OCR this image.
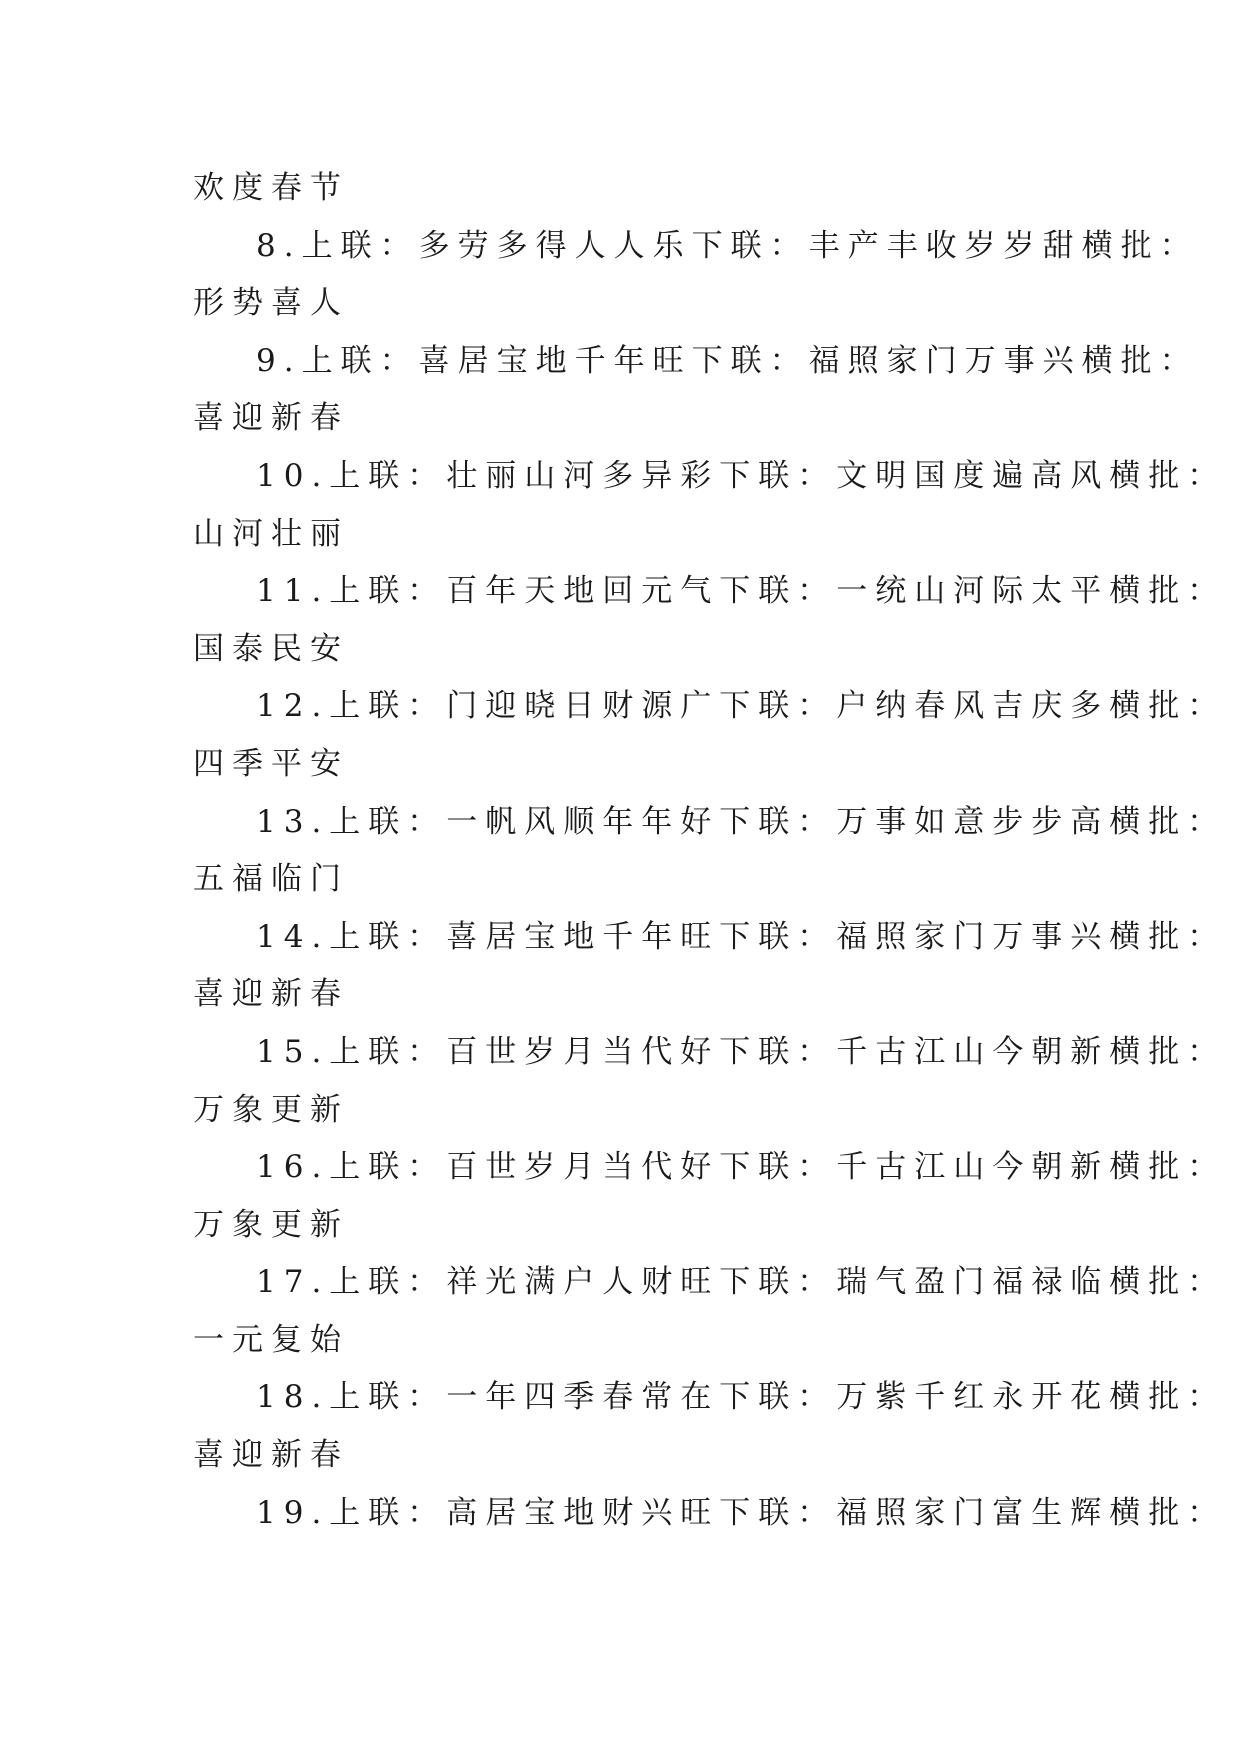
欢度春节
8.上联：多劳多得人人乐下联：丰产丰收岁岁甜横批：
形势喜人
9.上联：喜居宝地千年旺下联：福照家门万事兴横批：
喜迎新春
10.上联：壮丽山河多异彩下联：文明国度遍高风横批：
山河壮丽
11.上联：百年天地回元气下联：一统山河际太平横批：
国泰民安
12.上联：门迎晓日财源广下联：户纳春风吉庆多横批：
四季平安
13.上联：一帆风顺年年好下联：万事如意步步高横批：
五福临门
14.上联：喜居宝地千年旺下联：福照家门万事兴横批：
喜迎新春
15.上联：百世岁月当代好下联：千古江山今朝新横批：
万象更新
16.上联：百世岁月当代好下联：千古江山今朝新横批：
万象更新
17.上联：祥光满户人财旺下联：瑞气盈门福禄临横批：
一元复始
18.上联：一年四季春常在下联：万紫千红永开花横批：
喜迎新春
19.上联：高居宝地财兴旺下联：福照家门富生辉横批：
